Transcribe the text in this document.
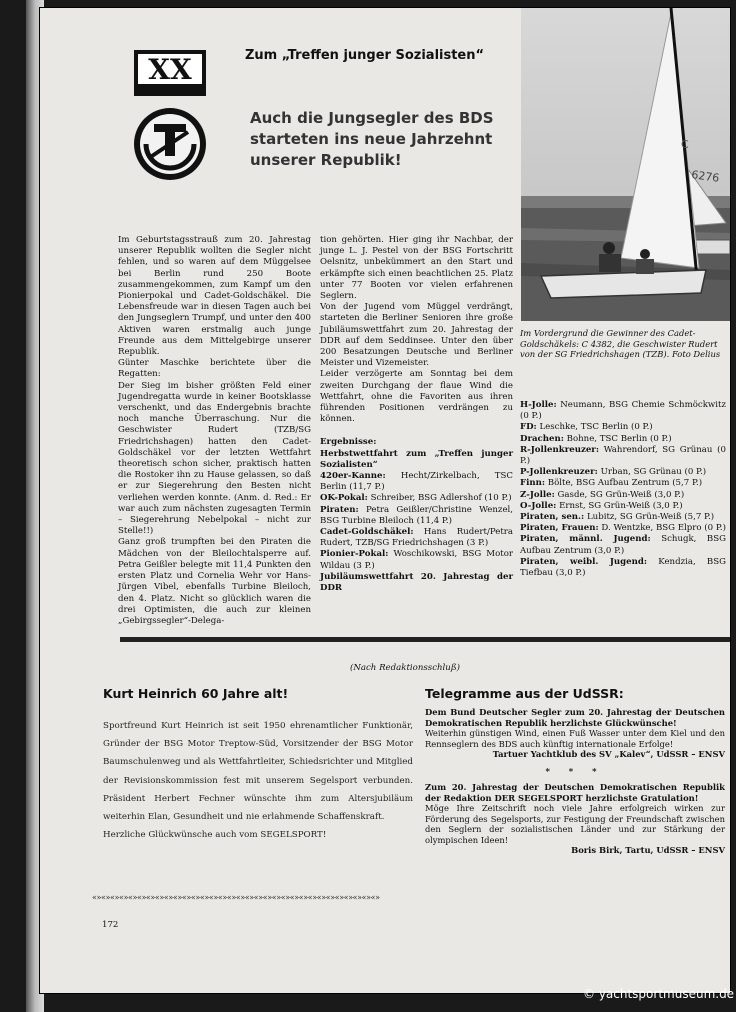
XX	Zum „Treffen junger Sozialisten“
Auch die Jungsegler des BDS starteten ins neue Jahrzehnt unserer Republik!
6276
C
Im Vordergrund die Gewinner des Cadet-Goldschäkels: C 4382, die Geschwister Rudert von der SG Friedrichshagen (TZB). Foto Delius

Im Geburtstagsstrauß zum 20. Jahrestag unserer Republik wollten die Segler nicht fehlen, und so waren auf dem Müggelsee bei Berlin rund 250 Boote zusammengekommen, zum Kampf um den Pionierpokal und Cadet-Goldschäkel. Die Lebensfreude war in diesen Tagen auch bei den Jungseglern Trumpf, und unter den 400 Aktiven waren erstmalig auch junge Freunde aus dem Mittelgebirge unserer Republik.

Günter Maschke berichtete über die Regatten:

Der Sieg im bisher größten Feld einer Jugendregatta wurde in keiner Bootsklasse verschenkt, und das Endergebnis brachte noch manche Überraschung. Nur die Geschwister Rudert (TZB/SG Friedrichshagen) hatten den Cadet-Goldschäkel vor der letzten Wettfahrt theoretisch schon sicher, praktisch hatten die Rostoker ihn zu Hause gelassen, so daß er zur Siegerehrung den Besten nicht verliehen werden konnte. (Anm. d. Red.: Er war auch zum nächsten zugesagten Termin – Siegerehrung Nebelpokal – nicht zur Stelle!!)

Ganz groß trumpften bei den Piraten die Mädchen von der Bleilochtalsperre auf. Petra Geißler belegte mit 11,4 Punkten den ersten Platz und Cornelia Wehr vor Hans-Jürgen Vibel, ebenfalls Turbine Bleiloch, den 4. Platz. Nicht so glücklich waren die drei Optimisten, die auch zur kleinen „Gebirgssegler“-Delega-

tion gehörten. Hier ging ihr Nachbar, der junge L. J. Pestel von der BSG Fortschritt Oelsnitz, unbekümmert an den Start und erkämpfte sich einen beachtlichen 25. Platz unter 77 Booten vor vielen erfahrenen Seglern.

Von der Jugend vom Müggel verdrängt, starteten die Berliner Senioren ihre große Jubiläumswettfahrt zum 20. Jahrestag der DDR auf dem Seddinsee. Unter den über 200 Besatzungen Deutsche und Berliner Meister und Vizemeister.

Leider verzögerte am Sonntag bei dem zweiten Durchgang der flaue Wind die Wettfahrt, ohne die Favoriten aus ihren führenden Positionen verdrängen zu können.

Ergebnisse:

Herbstwettfahrt zum „Treffen junger Sozialisten“

420er-Kanne: Hecht/Zirkelbach, TSC Berlin (11,7 P.)

OK-Pokal: Schreiber, BSG Adlershof (10 P.)

Piraten: Petra Geißler/Christine Wenzel, BSG Turbine Bleiloch (11,4 P.)

Cadet-Goldschäkel: Hans Rudert/Petra Rudert, TZB/SG Friedrichshagen (3 P.)

Pionier-Pokal: Woschikowski, BSG Motor Wildau (3 P.)

Jubiläumswettfahrt 20. Jahrestag der DDR

H-Jolle: Neumann, BSG Chemie Schmöckwitz (0 P.)

FD: Leschke, TSC Berlin (0 P.)

Drachen: Bohne, TSC Berlin (0 P.)

R-Jollenkreuzer: Wahrendorf, SG Grünau (0 P.)

P-Jollenkreuzer: Urban, SG Grünau (0 P.)

Finn: Bölte, BSG Aufbau Zentrum (5,7 P.)

Z-Jolle: Gasde, SG Grün-Weiß (3,0 P.)

O-Jolle: Ernst, SG Grün-Weiß (3,0 P.)

Piraten, sen.: Lubitz, SG Grün-Weiß (5,7 P.)

Piraten, Frauen: D. Wentzke, BSG Elpro (0 P.)

Piraten, männl. Jugend: Schugk, BSG Aufbau Zentrum (3,0 P.)

Piraten, weibl. Jugend: Kendzia, BSG Tiefbau (3,0 P.)

(Nach Redaktionsschluß)
Kurt Heinrich 60 Jahre alt!

Sportfreund Kurt Heinrich ist seit 1950 ehrenamtlicher Funktionär, Gründer der BSG Motor Treptow-Süd, Vorsitzender der BSG Motor Baumschulenweg und als Wettfahrtleiter, Schiedsrichter und Mitglied der Revisionskommission fest mit unserem Segelsport verbunden. Präsident Herbert Fechner wünschte ihm zum Altersjubiläum weiterhin Elan, Gesundheit und nie erlahmende Schaffenskraft.

Herzliche Glückwünsche auch vom SEGELSPORT!

Telegramme aus der UdSSR:

Dem Bund Deutscher Segler zum 20. Jahrestag der Deutschen Demokratischen Republik herzlichste Glückwünsche!

Weiterhin günstigen Wind, einen Fuß Wasser unter dem Kiel und den Rennseglern des BDS auch künftig internationale Erfolge!

Tartuer Yachtklub des SV „Kalev“, UdSSR – ENSV

* * *

Zum 20. Jahrestag der Deutschen Demokratischen Republik der Redaktion DER SEGELSPORT herzlichste Gratulation!

Möge Ihre Zeitschrift noch viele Jahre erfolgreich wirken zur Förderung des Segelsports, zur Festigung der Freundschaft zwischen den Seglern der sozialistischen Länder und zur Stärkung der olympischen Ideen!

Boris Birk, Tartu, UdSSR – ENSV

«»«»«»«»«»«»«»«»«»«»«»«»«»«»«»«»«»«»«»«»«»«»«»«»«»«»«»«»«»«»«»«»
172
© yachtsportmuseum.de
